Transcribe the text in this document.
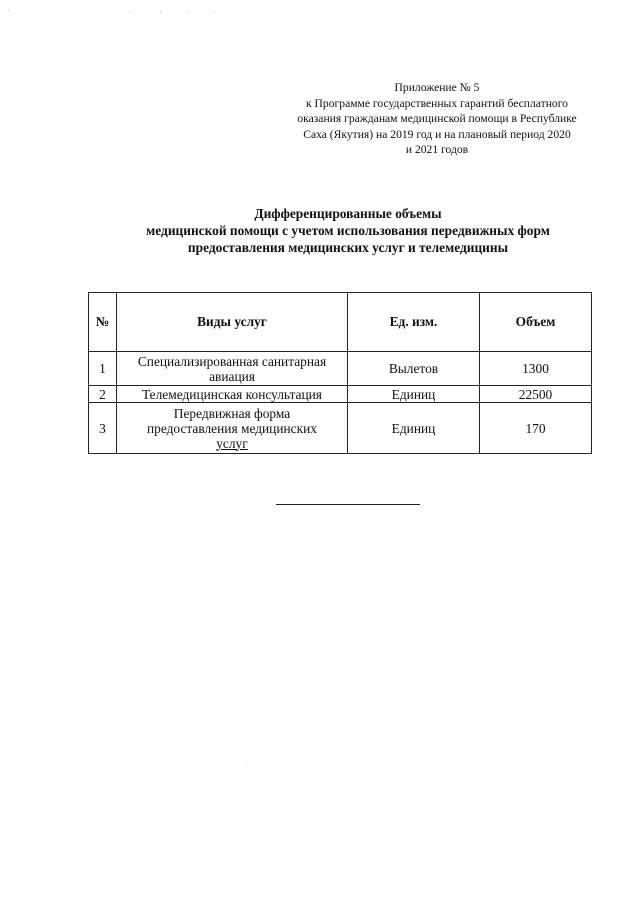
Приложение № 5
к Программе государственных гарантий бесплатного
оказания гражданам медицинской помощи в Республике
Саха (Якутия) на 2019 год и на плановый период 2020
и 2021 годов
Дифференцированные объемы
медицинской помощи с учетом использования передвижных форм
предоставления медицинских услуг и телемедицины
№	Виды услуг	Ед. изм.	Объем
1	Специализированная санитарная авиация	Вылетов	1300
2	Телемедицинская консультация	Единиц	22500
3	Передвижная форма
предоставления медицинских
услуг	Единиц	170
